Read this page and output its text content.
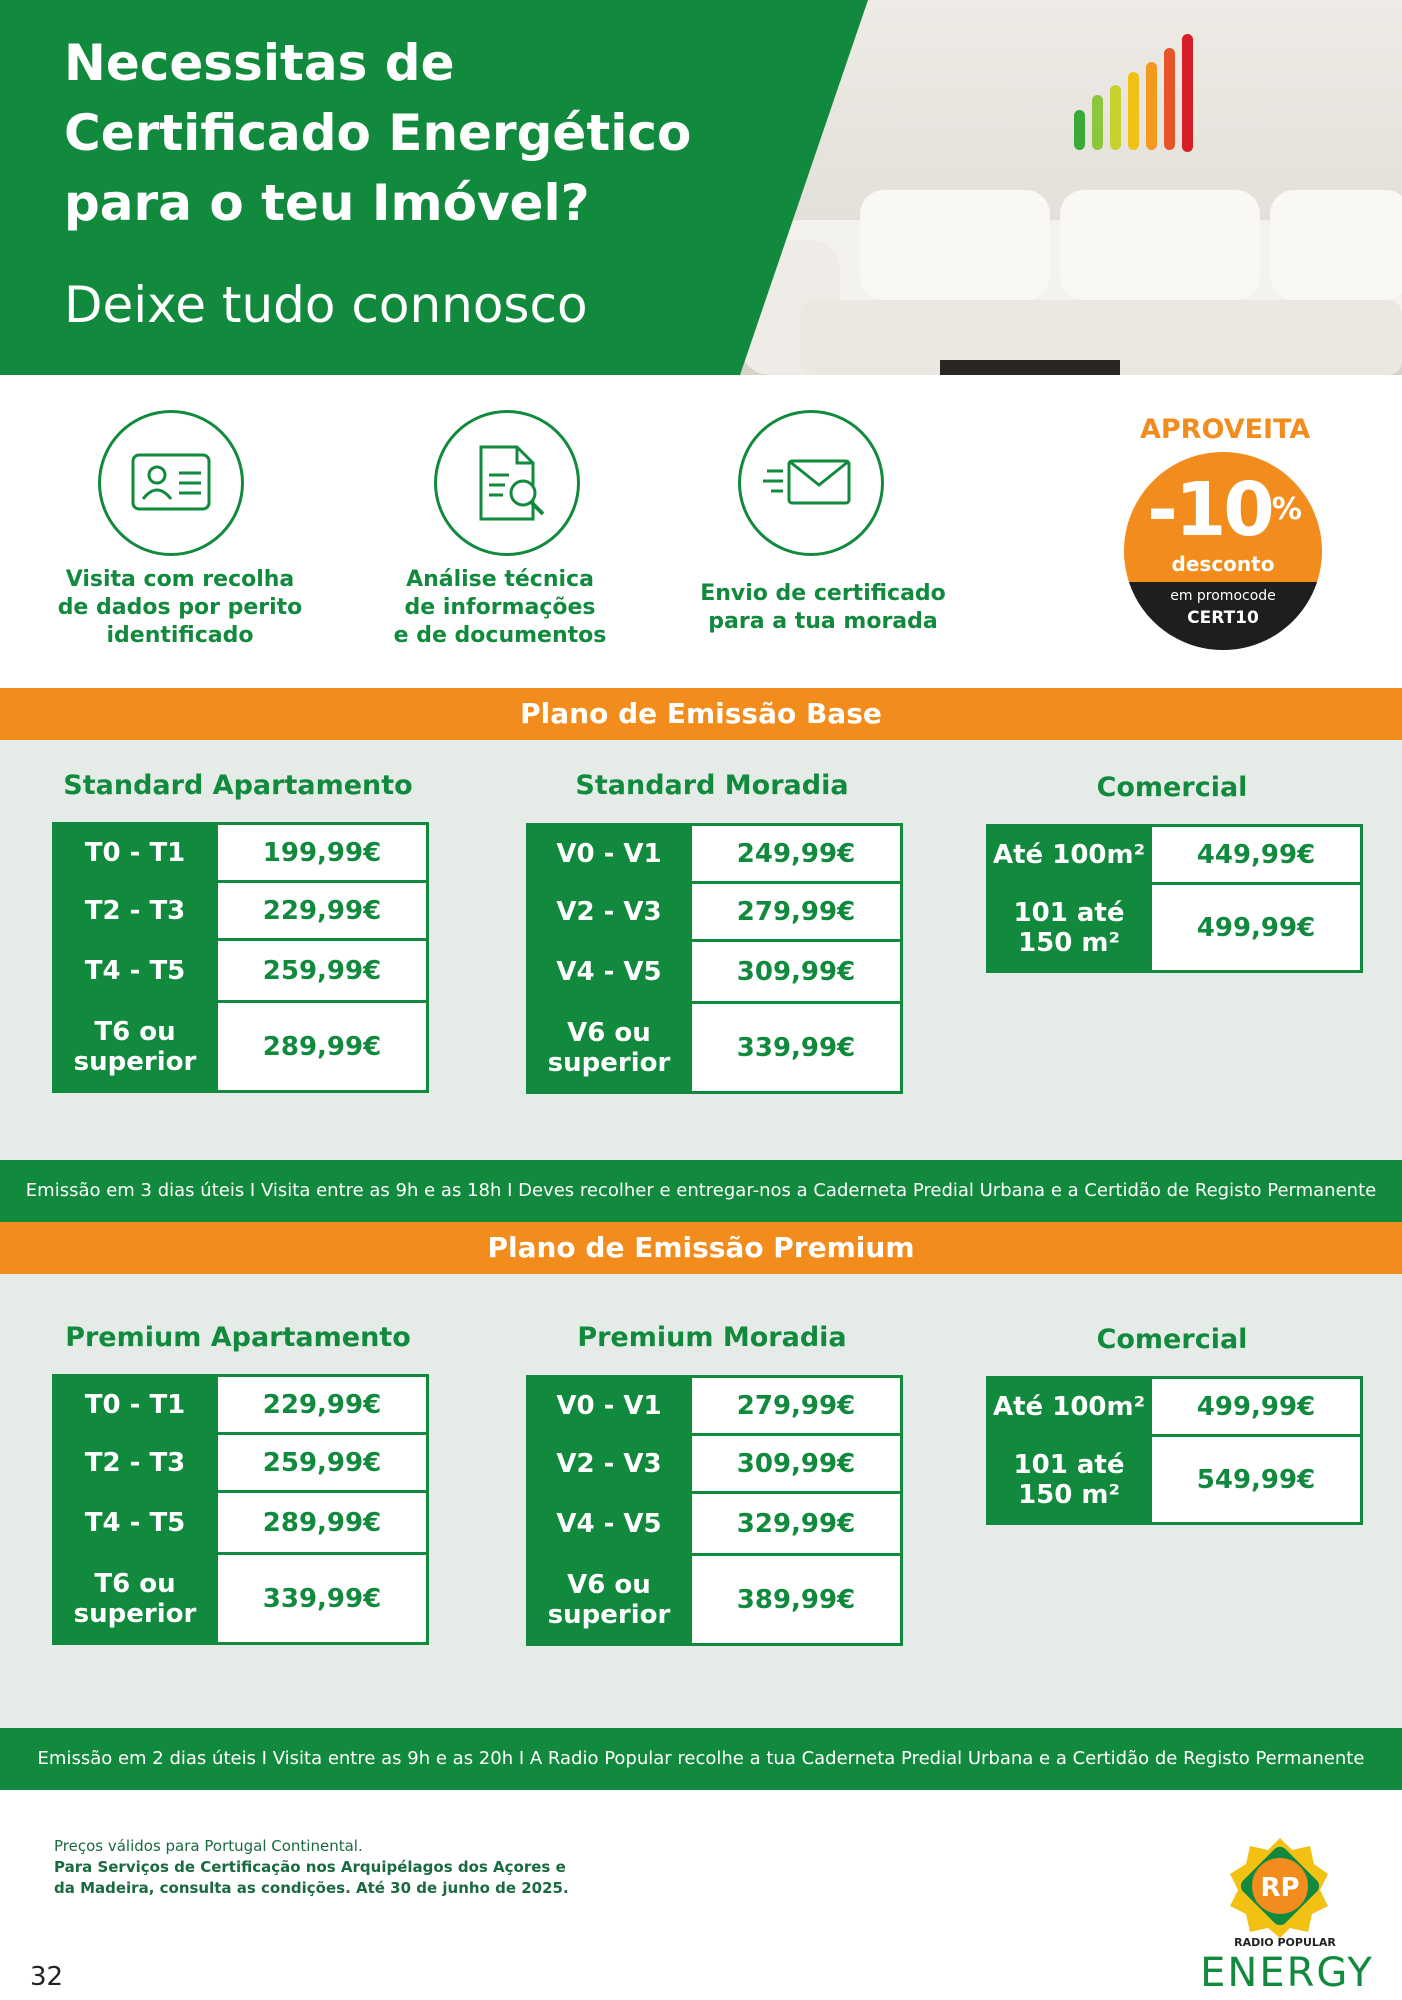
Necessitas de
Certificado Energético
para o teu Imóvel?
Deixe tudo connosco
Visita com recolha
de dados por perito
identificado
Análise técnica
de informações
e de documentos
Envio de certificado
para a tua morada
APROVEITA
-10%
desconto
em promocode
CERT10
Plano de Emissão Base
Standard Apartamento
T0 - T1	199,99€
T2 - T3	229,99€
T4 - T5	259,99€
T6 ou superior	289,99€
Standard Moradia
V0 - V1	249,99€
V2 - V3	279,99€
V4 - V5	309,99€
V6 ou superior	339,99€
Comercial
Até 100m²	449,99€
101 até 150 m²	499,99€
Emissão em 3 dias úteis I Visita entre as 9h e as 18h I Deves recolher e entregar-nos a Caderneta Predial Urbana e a Certidão de Registo Permanente
Plano de Emissão Premium
Premium Apartamento
T0 - T1	229,99€
T2 - T3	259,99€
T4 - T5	289,99€
T6 ou superior	339,99€
Premium Moradia
V0 - V1	279,99€
V2 - V3	309,99€
V4 - V5	329,99€
V6 ou superior	389,99€
Comercial
Até 100m²	499,99€
101 até 150 m²	549,99€
Emissão em 2 dias úteis I Visita entre as 9h e as 20h I A Radio Popular recolhe a tua Caderneta Predial Urbana e a Certidão de Registo Permanente
Preços válidos para Portugal Continental.
Para Serviços de Certificação nos Arquipélagos dos Açores e
da Madeira, consulta as condições. Até 30 de junho de 2025.
32
RP
RADIO POPULAR
ENERGY
